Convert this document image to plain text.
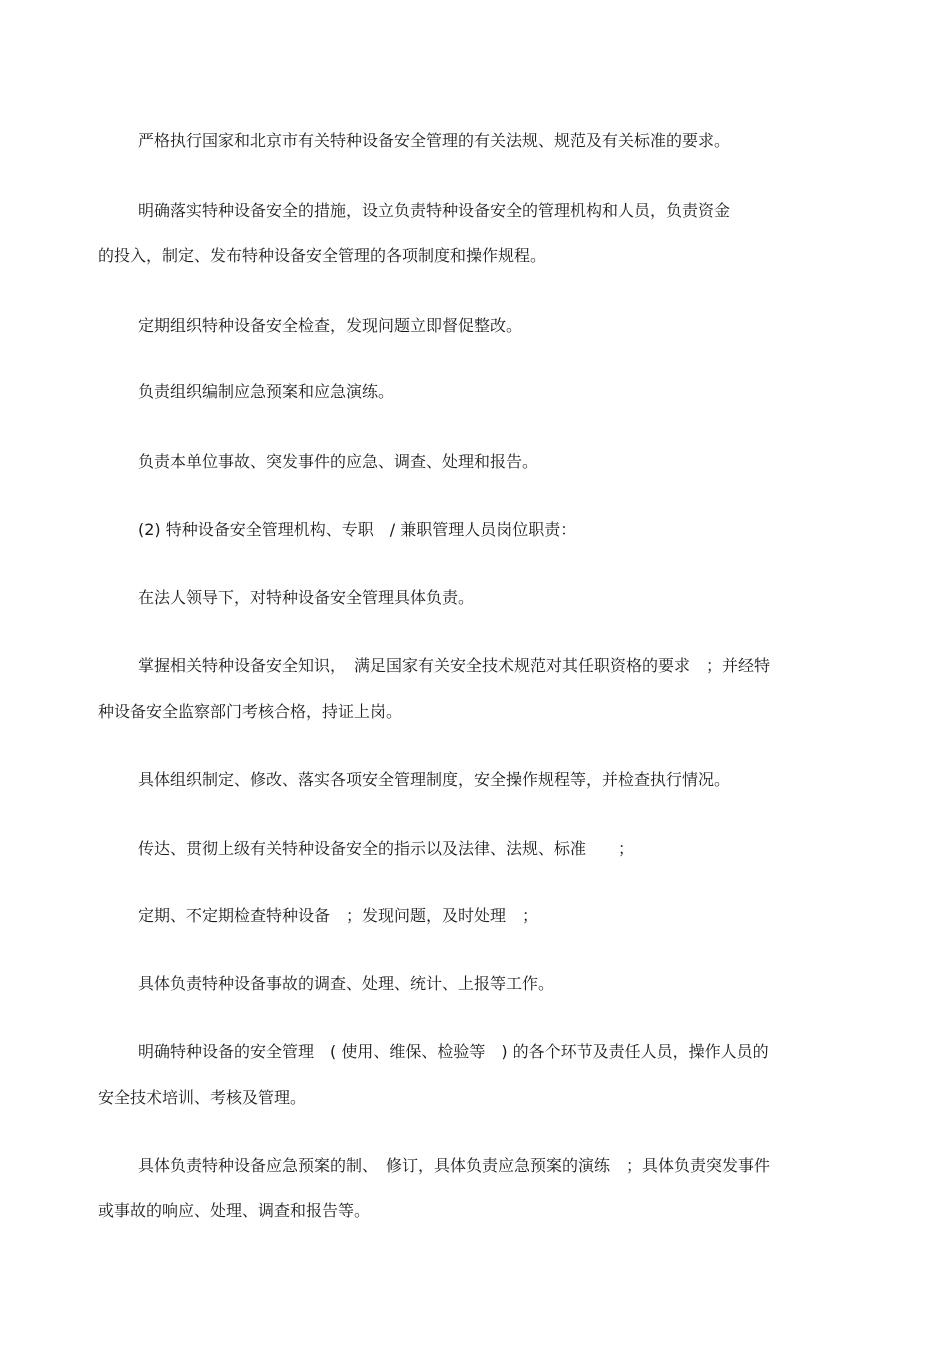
严格执行国家和北京市有关特种设备安全管理的有关法规、规范及有关标准的要求。

明确落实特种设备安全的措施，设立负责特种设备安全的管理机构和人员，负责资金

的投入，制定、发布特种设备安全管理的各项制度和操作规程。

定期组织特种设备安全检查，发现问题立即督促整改。

负责组织编制应急预案和应急演练。

负责本单位事故、突发事件的应急、调查、处理和报告。

(2) 特种设备安全管理机构、专职　/ 兼职管理人员岗位职责：

在法人领导下，对特种设备安全管理具体负责。

掌握相关特种设备安全知识，　满足国家有关安全技术规范对其任职资格的要求　；并经特

种设备安全监察部门考核合格，持证上岗。

具体组织制定、修改、落实各项安全管理制度，安全操作规程等，并检查执行情况。

传达、贯彻上级有关特种设备安全的指示以及法律、法规、标准　　；

定期、不定期检查特种设备　；发现问题，及时处理　；

具体负责特种设备事故的调查、处理、统计、上报等工作。

明确特种设备的安全管理　( 使用、维保、检验等　) 的各个环节及责任人员，操作人员的

安全技术培训、考核及管理。

具体负责特种设备应急预案的制、　修订，具体负责应急预案的演练　；具体负责突发事件

或事故的响应、处理、调查和报告等。
